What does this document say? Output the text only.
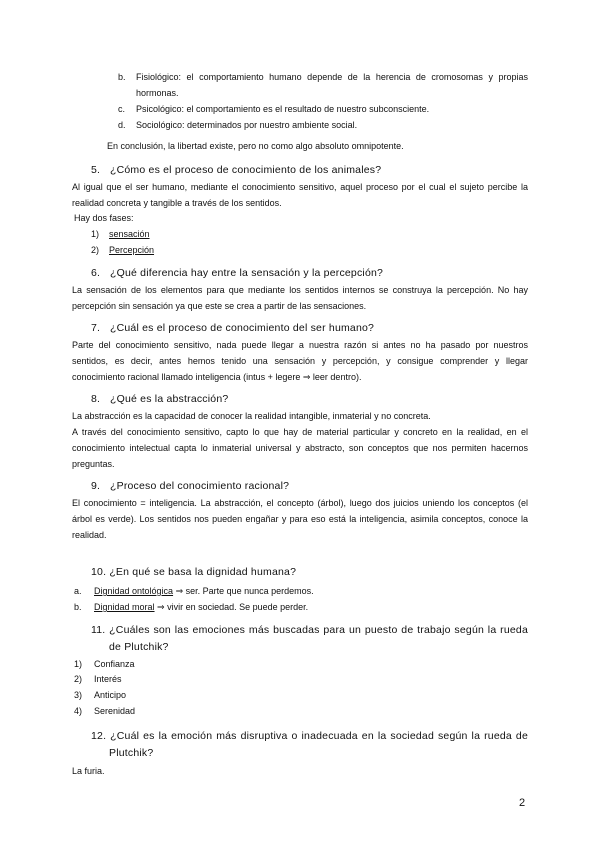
b. Fisiológico: el comportamiento humano depende de la herencia de cromosomas y propias
hormonas.
c. Psicológico: el comportamiento es el resultado de nuestro subconsciente.
d. Sociológico: determinados por nuestro ambiente social.
En conclusión, la libertad existe, pero no como algo absoluto omnipotente.
5. ¿Cómo es el proceso de conocimiento de los animales?
Al igual que el ser humano, mediante el conocimiento sensitivo, aquel proceso por el cual el sujeto percibe la
realidad concreta y tangible a través de los sentidos.
Hay dos fases:
1) sensación
2) Percepción
6. ¿Qué diferencia hay entre la sensación y la percepción?
La sensación de los elementos para que mediante los sentidos internos se construya la percepción. No hay
percepción sin sensación ya que este se crea a partir de las sensaciones.
7. ¿Cuál es el proceso de conocimiento del ser humano?
Parte del conocimiento sensitivo, nada puede llegar a nuestra razón si antes no ha pasado por nuestros
sentidos, es decir, antes hemos tenido una sensación y percepción, y consigue comprender y llegar
conocimiento racional llamado inteligencia (intus + legere ⇒ leer dentro).
8. ¿Qué es la abstracción?
La abstracción es la capacidad de conocer la realidad intangible, inmaterial y no concreta.
A través del conocimiento sensitivo, capto lo que hay de material particular y concreto en la realidad, en el
conocimiento intelectual capta lo inmaterial universal y abstracto, son conceptos que nos permiten hacernos
preguntas.
9. ¿Proceso del conocimiento racional?
El conocimiento = inteligencia. La abstracción, el concepto (árbol), luego dos juicios uniendo los conceptos (el
árbol es verde). Los sentidos nos pueden engañar y para eso está la inteligencia, asimila conceptos, conoce la
realidad.
10. ¿En qué se basa la dignidad humana?
a. Dignidad ontológica ⇒ ser. Parte que nunca perdemos.
b. Dignidad moral ⇒ vivir en sociedad. Se puede perder.
11. ¿Cuáles son las emociones más buscadas para un puesto de trabajo según la rueda
de Plutchik?
1) Confianza
2) Interés
3) Anticipo
4) Serenidad
12. ¿Cuál es la emoción más disruptiva o inadecuada en la sociedad según la rueda de
Plutchik?
La furia.
2
